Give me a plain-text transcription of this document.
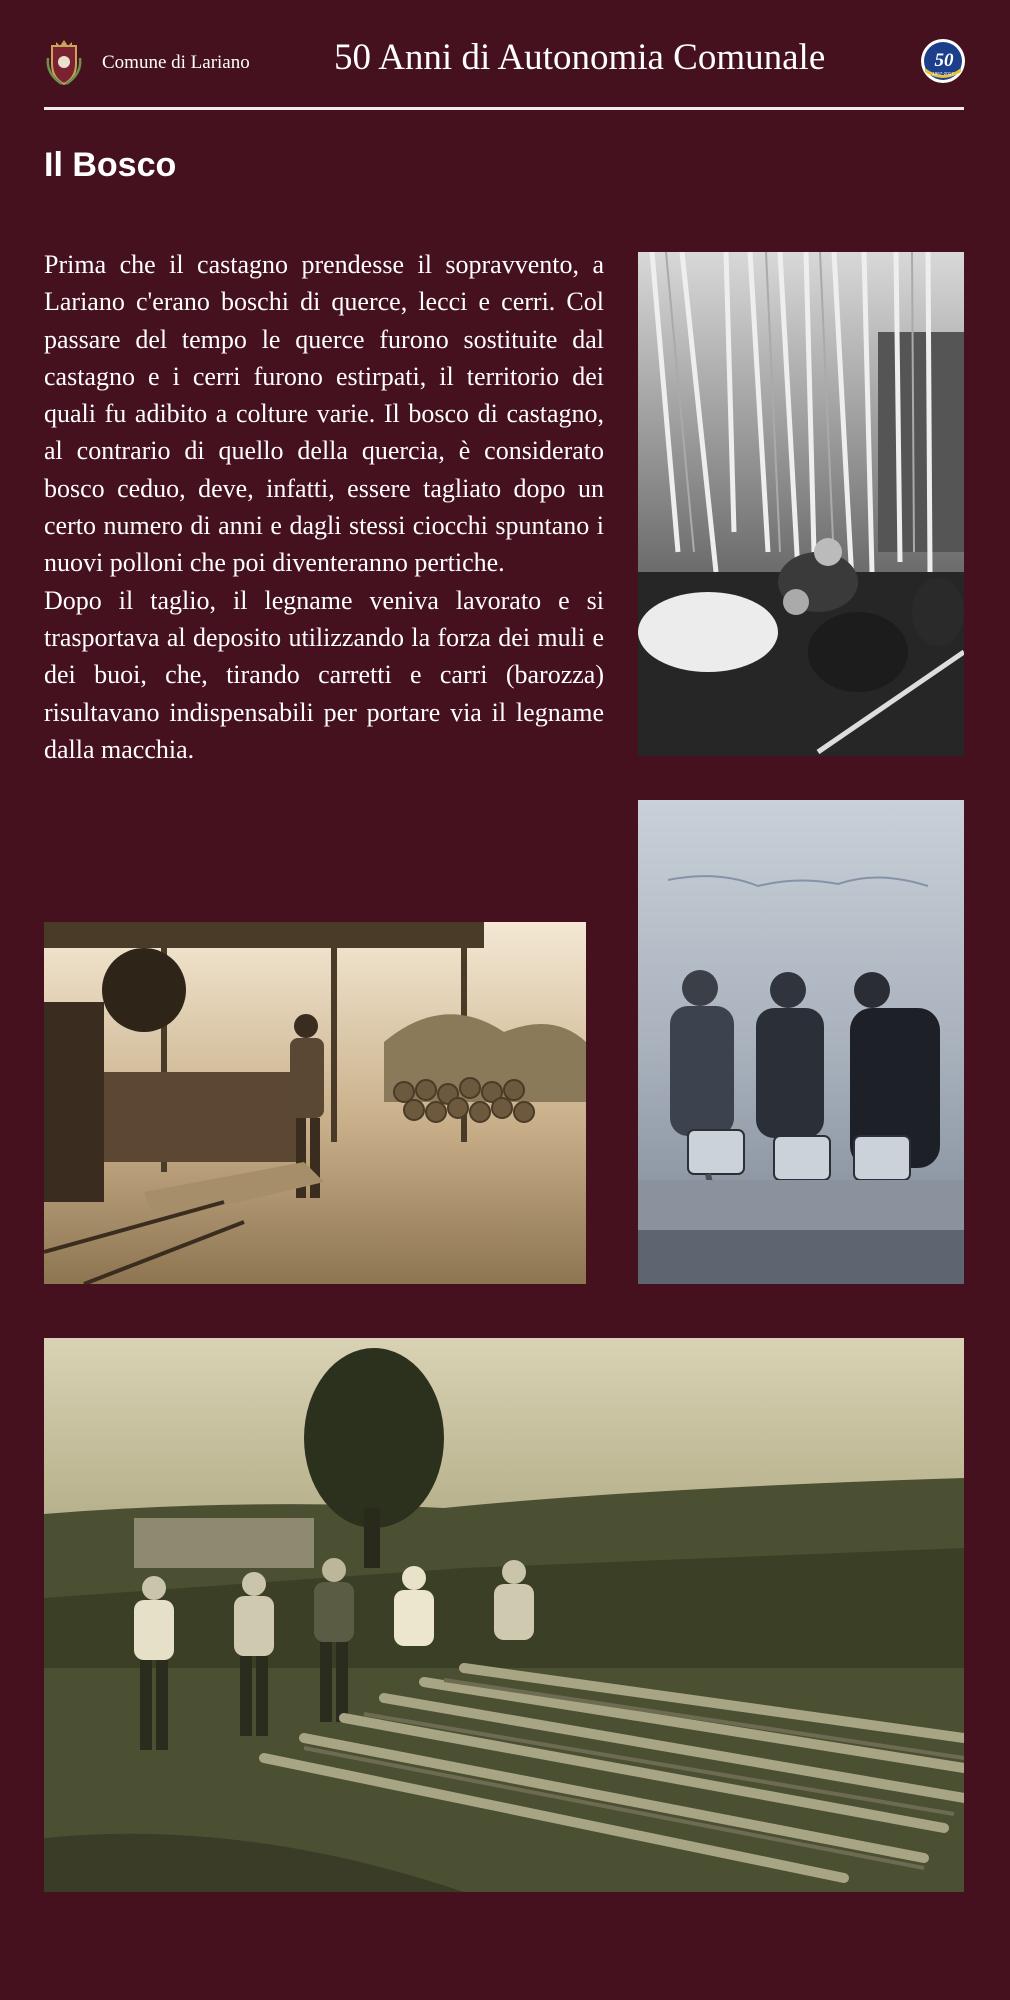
Comune di Lariano 50 Anni di Autonomia Comunale	50
1967-2017
Il Bosco

Prima che il castagno prendesse il sopravvento, a Lariano c'erano boschi di querce, lecci e cerri. Col passare del tempo le querce furono sostituite dal castagno e i cerri furono estirpati, il territorio dei quali fu adibito a colture varie. Il bosco di castagno, al contrario di quello della quercia, è considerato bosco ceduo, deve, infatti, essere tagliato dopo un certo numero di anni e dagli stessi ciocchi spuntano i nuovi polloni che poi diventeranno pertiche.

Dopo il taglio, il legname veniva lavorato e si trasportava al deposito utilizzando la forza dei muli e dei buoi, che, tirando carretti e carri (barozza) risultavano indispensabili per portare via il legname dalla macchia.
